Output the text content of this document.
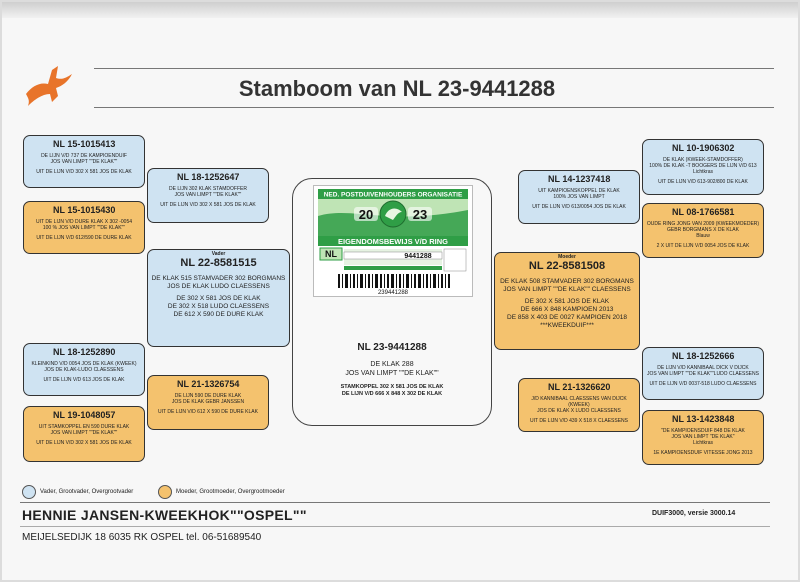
Stamboom van NL 23-9441288
NL 15-1015413
DE LIJN V/D 737 DE KAMPIOENDUIF
JOS VAN LIMPT ""DE KLAK""
UIT DE LIJN V/D 302 X 581 JOS DE KLAK
NL 15-1015430
UIT DE LIJN V/D DURE KLAK X 302 -0054
100 % JOS VAN LIMPT ""DE KLAK""
UIT DE LIJN V/D 612/590 DE DURE KLAK
NL 18-1252647
DE LIJN 302 KLAK STAMDOFFER
JOS VAN LIMPT ""DE KLAK""
UIT DE LIJN V/D 302 X 581 JOS DE KLAK
Vader
NL 22-8581515
DE KLAK 515 STAMVADER 302 BORGMANS
JOS DE KLAK LUDO CLAESSENS
DE 302 X 581 JOS DE KLAK
DE 302 X 518 LUDO CLAESSENS
DE 612 X 590 DE DURE KLAK
NL 18-1252890
KLEINKIND V/D 0054 JOS DE KLAK (KWEEK)
JOS DE KLAK-LUDO CLAESSENS
UIT DE LIJN V/D 613 JOS DE KLAK	NL 21-1326754
DE LIJN 590 DE DURE KLAK
JOS DE KLAK GEBR JANSSEN
UIT DE LIJN V/D 612 X 590 DE DURE KLAK
NL 19-1048057
UIT STAMKOPPEL EN 590 DURE KLAK
JOS VAN LIMPT ""DE KLAK""
UIT DE LIJN V/D 302 X 581 JOS DE KLAK
NL 10-1906302
DE KLAK (KWEEK-STAMDOFFER)
100% DE KLAK -T BOOGERS DE LIJN V/D 613
Lichtkras
UIT DE LIJN V/D 613-902/800 DE KLAK
NL 14-1237418
UIT KAMPIOENSKOPPEL DE KLAK
100% JOS VAN LIMPT
UIT DE LIJN V/D 613/0054 JOS DE KLAK	NL 08-1766581
OUDE RING JONG VAN 2009 (KWEEKMOEDER)
GEBR BORGMANS X DE KLAK
Blauw
2 X UIT DE LIJN V/D 0054 JOS DE KLAK
Moeder
NL 22-8581508
DE KLAK 508 STAMVADER 302 BORGMANS
JOS VAN LIMPT ""DE KLAK"" CLAESSENS
DE 302 X 581 JOS DE KLAK
DE 666 X 848 KAMPIOEN 2013
DE 858 X 403 DE 0027 KAMPIOEN 2018
***KWEEKDUIF***
NL 18-1252666
DE LIJN V/D KANNIBAAL DICK V DIJCK
JOS VAN LIMPT ""DE KLAK""LUDO CLAESSENS
UIT DE LIJN V/D 0037-518 LUDO CLAESSENS
NL 21-1326620
J/D KANNIBAAL CLAESSENS VAN DIJCK (KWEEK)
JOS DE KLAK X LUDO CLAESSENS
UIT DE LIJN V/D 439 X 518 X CLAESSENS	NL 13-1423848
"DE KAMPIOENSDUIF 848 DE KLAK
JOS VAN LIMPT "DE KLAK"
Lichtkras
1E KAMPIOENSDUIF VITESSE JONG 2013
NED. POSTDUIVENHOUDERS ORGANISATIE
20	23
EIGENDOMSBEWIJS V/D RING
NL	9441288
239441288
NL 23-9441288
DE KLAK 288
JOS VAN LIMPT ""DE KLAK""
STAMKOPPEL 302 X 581 JOS DE KLAK
DE LIJN V/D 666 X 848 X 302 DE KLAK
Vader, Grootvader, Overgrootvader	Moeder, Grootmoeder, Overgrootmoeder
HENNIE JANSEN-KWEEKHOK""OSPEL""	DUIF3000, versie 3000.14
MEIJELSEDIJK 18 6035 RK OSPEL tel. 06-51689540
